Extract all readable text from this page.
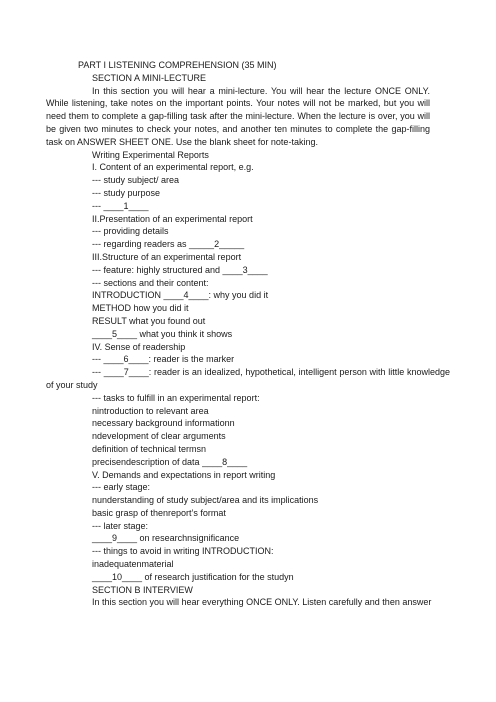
PART I LISTENING COMPREHENSION (35 MIN)

SECTION A MINI-LECTURE

In this section you will hear a mini-lecture. You will hear the lecture ONCE ONLY. While listening, take notes on the important points. Your notes will not be marked, but you will need them to complete a gap-filling task after the mini-lecture. When the lecture is over, you will be given two minutes to check your notes, and another ten minutes to complete the gap-filling task on ANSWER SHEET ONE. Use the blank sheet for note-taking.

Writing Experimental Reports

I. Content of an experimental report, e.g.

--- study subject/ area

--- study purpose

--- ____1____

II.Presentation of an experimental report

--- providing details

--- regarding readers as _____2_____

III.Structure of an experimental report

--- feature: highly structured and ____3____

--- sections and their content:

INTRODUCTION ____4____: why you did it

METHOD how you did it

RESULT what you found out

____5____ what you think it shows

IV. Sense of readership

--- ____6____: reader is the marker

--- ____7____: reader is an idealized, hypothetical, intelligent person with little knowledge of your study

--- tasks to fulfill in an experimental report:

nintroduction to relevant area

necessary background informationn

ndevelopment of clear arguments

definition of technical termsn

precisendescription of data ____8____

V. Demands and expectations in report writing

--- early stage:

nunderstanding of study subject/area and its implications

basic grasp of thenreport’s format

--- later stage:

____9____ on researchnsignificance

--- things to avoid in writing INTRODUCTION:

inadequatenmaterial

____10____ of research justification for the studyn

SECTION B INTERVIEW

In this section you will hear everything ONCE ONLY. Listen carefully and then answer
